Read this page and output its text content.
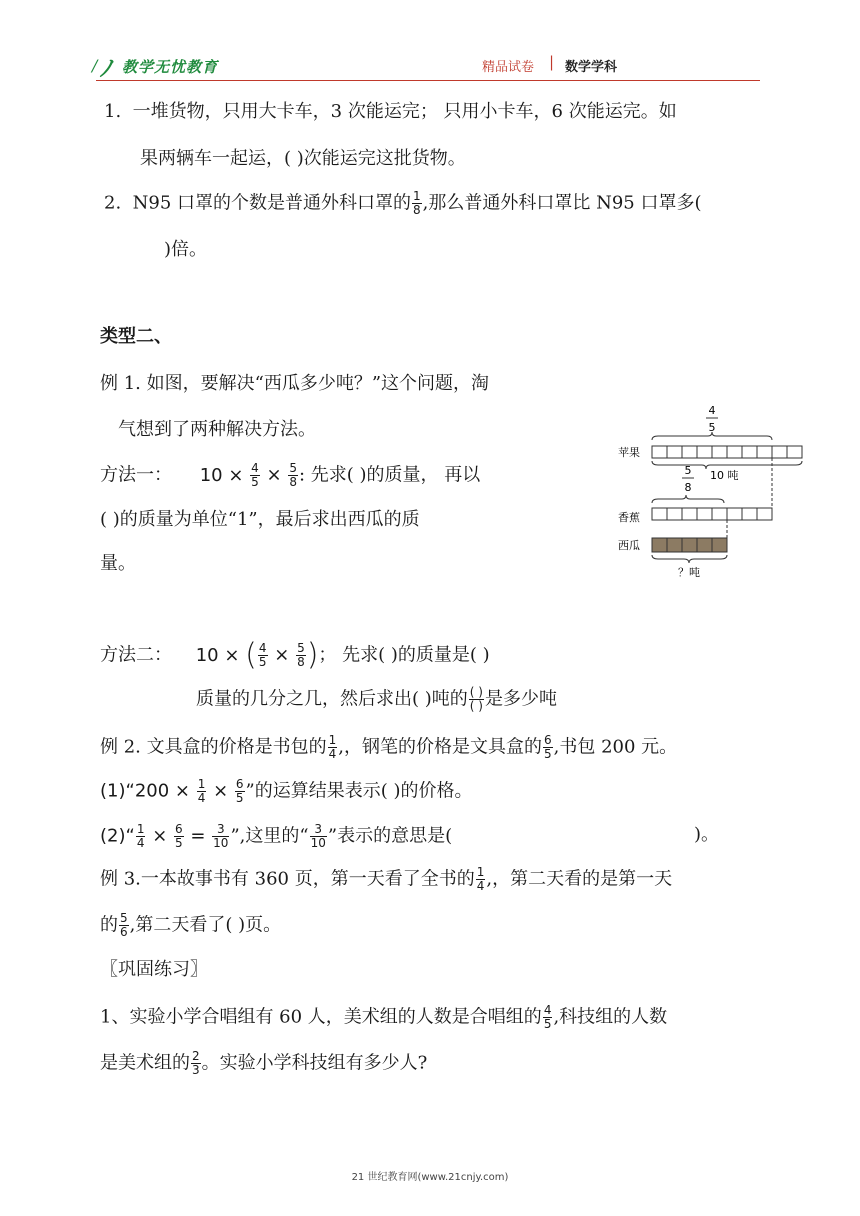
/ ﾉ 教学无忧教育	精品试卷 | 数学学科
1. 一堆货物，只用大卡车，3 次能运完； 只用小卡车，6 次能运完。如
果两辆车一起运，( )次能运完这批货物。
2. N95 口罩的个数是普通外科口罩的 $\frac{1}{8}$ ,那么普通外科口罩比 N95 口罩多(
)倍。
类型二、
例 1. 如图，要解决“西瓜多少吨？”这个问题，淘
气想到了两种解决方法。
方法一： $10 \times \frac{4}{5} \times \frac{5}{8}$ : 先求( )的质量， 再以
( )的质量为单位“1”，最后求出西瓜的质
量。
4
5
苹果
10 吨
5
8
香蕉
西瓜
？吨
方法二： 10 × ( $\frac{4}{5} \times \frac{5}{8}$ )； 先求( )的质量是( )
质量的几分之几，然后求出( )吨的 $\frac{( )}{( )}$ 是多少吨
例 2. 文具盒的价格是书包的 $\frac{1}{4}$ ,，钢笔的价格是文具盒的 $\frac{6}{5}$ ,书包 200 元。
(1)“200 × $\frac{1}{4} \times \frac{6}{5}$ ”的运算结果表示( )的价格。
(2)“ $\frac{1}{4} \times \frac{6}{5} = \frac{3}{10}$ ”,这里的“ $\frac{3}{10}$ ”表示的意思是(	)。
例 3.一本故事书有 360 页，第一天看了全书的 $\frac{1}{4}$ ,，第二天看的是第一天
的 $\frac{5}{6}$ ,第二天看了( )页。
〖巩固练习〗
1、实验小学合唱组有 60 人，美术组的人数是合唱组的 $\frac{4}{5}$ ,科技组的人数
是美术组的 $\frac{2}{3}$ 。实验小学科技组有多少人?
21 世纪教育网(www.21cnjy.com)
